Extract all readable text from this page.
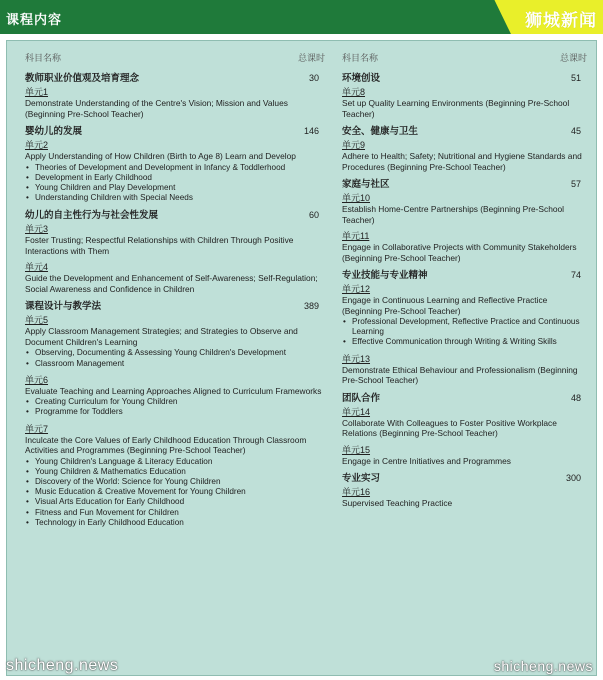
课程内容	狮城新闻
科目名称	总课时
教师职业价值观及培育理念	30
单元1
Demonstrate Understanding of the Centre's Vision; Mission and Values (Beginning Pre-School Teacher)
婴幼儿的发展	146
单元2
Apply Understanding of How Children (Birth to Age 8) Learn and Develop
• Theories of Development and Development in Infancy & Toddlerhood
• Development in Early Childhood
• Young Children and Play Development
• Understanding Children with Special Needs
幼儿的自主性行为与社会性发展	60
单元3
Foster Trusting; Respectful Relationships with Children Through Positive Interactions with Them
单元4
Guide the Development and Enhancement of Self-Awareness; Self-Regulation; Social Awareness and Confidence in Children
课程设计与教学法	389
单元5
Apply Classroom Management Strategies; and Strategies to Observe and Document Children's Learning
• Observing, Documenting & Assessing Young Children's Development
• Classroom Management
单元6
Evaluate Teaching and Learning Approaches Aligned to Curriculum Frameworks
• Creating Curriculum for Young Children
• Programme for Toddlers
单元7
Inculcate the Core Values of Early Childhood Education Through Classroom Activities and Programmes (Beginning Pre-School Teacher)
• Young Children's Language & Literacy Education
• Young Children & Mathematics Education
• Discovery of the World: Science for Young Children
• Music Education & Creative Movement for Young Children
• Visual Arts Education for Early Childhood
• Fitness and Fun Movement for Children
• Technology in Early Childhood Education
科目名称	总课时
环境创设	51
单元8
Set up Quality Learning Environments (Beginning Pre-School Teacher)
安全、健康与卫生	45
单元9
Adhere to Health; Safety; Nutritional and Hygiene Standards and Procedures (Beginning Pre-School Teacher)
家庭与社区	57
单元10
Establish Home-Centre Partnerships (Beginning Pre-School Teacher)
单元11
Engage in Collaborative Projects with Community Stakeholders (Beginning Pre-School Teacher)
专业技能与专业精神	74
单元12
Engage in Continuous Learning and Reflective Practice (Beginning Pre-School Teacher)
• Professional Development, Reflective Practice and Continuous Learning
• Effective Communication through Writing & Writing Skills
单元13
Demonstrate Ethical Behaviour and Professionalism (Beginning Pre-School Teacher)
团队合作	48
单元14
Collaborate With Colleagues to Foster Positive Workplace Relations (Beginning Pre-School Teacher)
单元15
Engage in Centre Initiatives and Programmes
专业实习	300
单元16
Supervised Teaching Practice
shicheng.news	shicheng.news
